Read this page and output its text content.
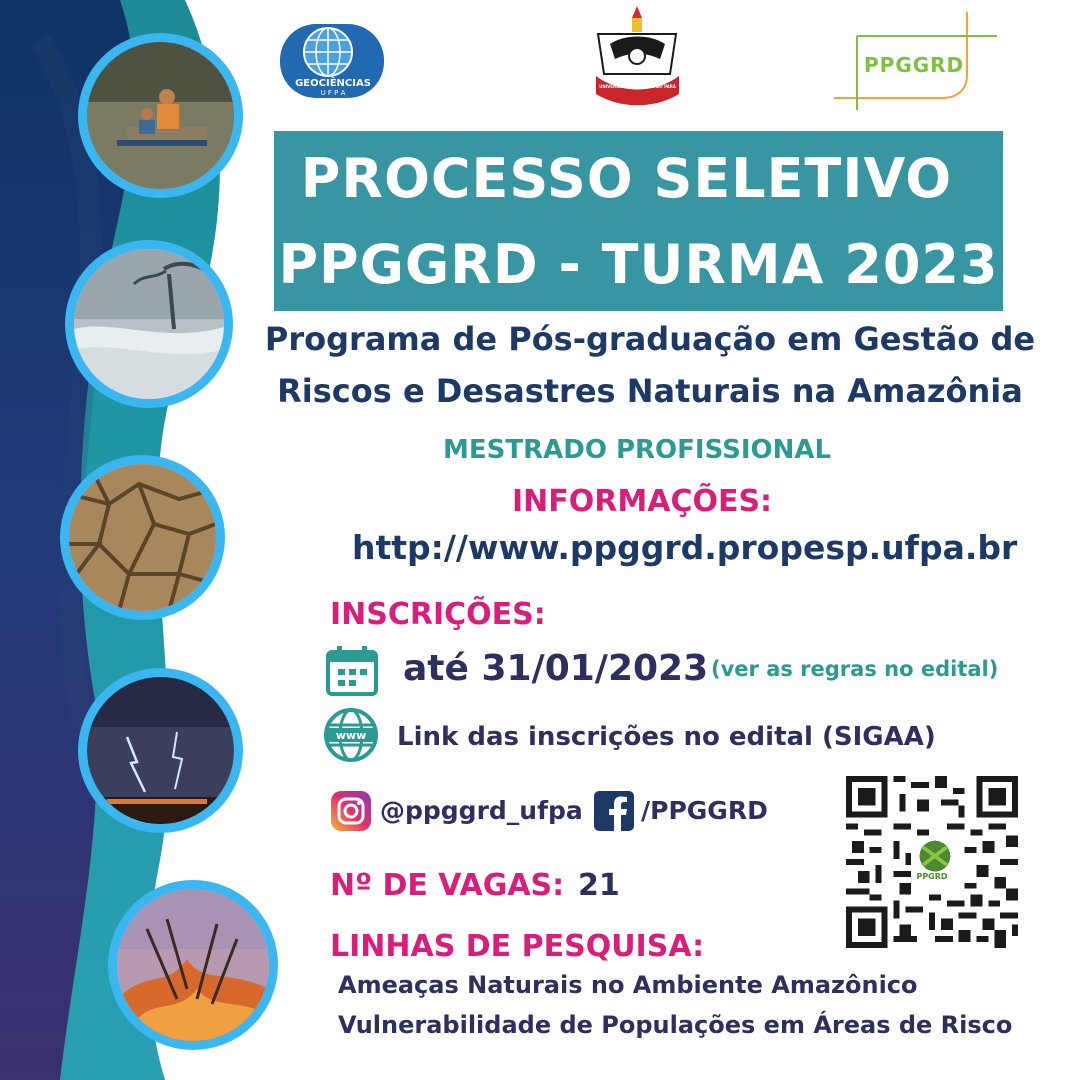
GEOCIÊNCIAS
U F P A
UNIVERSIDADE FEDERAL DO PARÁ
PPGGRD
PROCESSO SELETIVO
PPGGRD - TURMA 2023
Programa de Pós-graduação em Gestão de
Riscos e Desastres Naturais na Amazônia
MESTRADO PROFISSIONAL
INFORMAÇÕES:
http://www.ppggrd.propesp.ufpa.br
INSCRIÇÕES:
até 31/01/2023 (ver as regras no edital)
www Link das inscrições no edital (SIGAA)
@ppggrd_ufpa /PPGGRD
PPGRD
Nº DE VAGAS: 21
LINHAS DE PESQUISA:
Ameaças Naturais no Ambiente Amazônico
Vulnerabilidade de Populações em Áreas de Risco
